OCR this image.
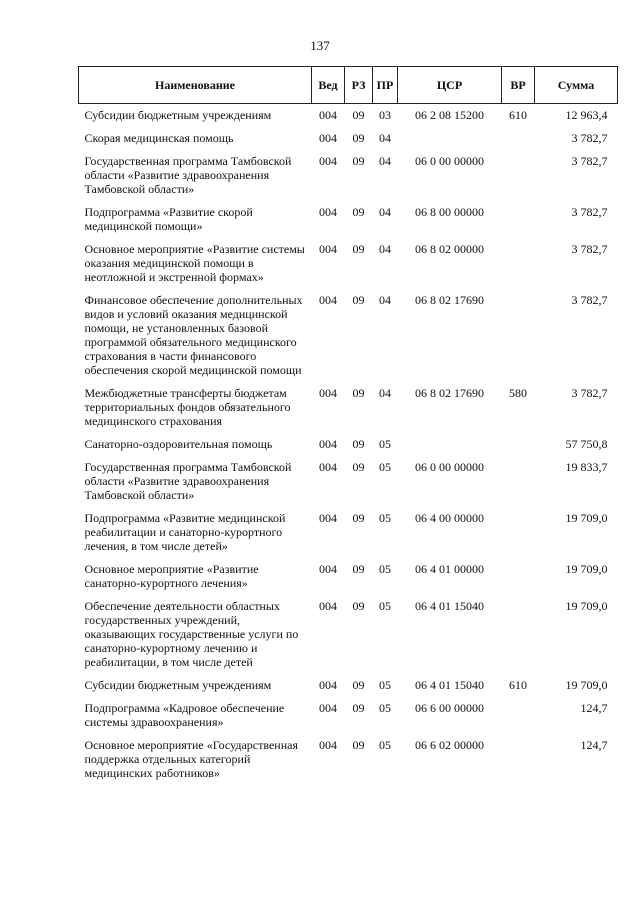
137
Наименование	Вед	РЗ	ПР	ЦСР	ВР	Сумма
Субсидии бюджетным учреждениям	004	09	03	06 2 08 15200	610	12 963,4
Скорая медицинская помощь	004	09	04			3 782,7
Государственная программа Тамбовской области «Развитие здравоохранения Тамбовской области»	004	09	04	06 0 00 00000		3 782,7
Подпрограмма «Развитие скорой медицинской помощи»	004	09	04	06 8 00 00000		3 782,7
Основное мероприятие «Развитие системы оказания медицинской помощи в неотложной и экстренной формах»	004	09	04	06 8 02 00000		3 782,7
Финансовое обеспечение дополнительных видов и условий оказания медицинской помощи, не установленных базовой программой обязательного медицинского страхования в части финансового обеспечения скорой медицинской помощи	004	09	04	06 8 02 17690		3 782,7
Межбюджетные трансферты бюджетам территориальных фондов обязательного медицинского страхования	004	09	04	06 8 02 17690	580	3 782,7
Санаторно-оздоровительная помощь	004	09	05			57 750,8
Государственная программа Тамбовской области «Развитие здравоохранения Тамбовской области»	004	09	05	06 0 00 00000		19 833,7
Подпрограмма «Развитие медицинской реабилитации и санаторно-курортного лечения, в том числе детей»	004	09	05	06 4 00 00000		19 709,0
Основное мероприятие «Развитие санаторно-курортного лечения»	004	09	05	06 4 01 00000		19 709,0
Обеспечение деятельности областных государственных учреждений, оказывающих государственные услуги по санаторно-курортному лечению и реабилитации, в том числе детей	004	09	05	06 4 01 15040		19 709,0
Субсидии бюджетным учреждениям	004	09	05	06 4 01 15040	610	19 709,0
Подпрограмма «Кадровое обеспечение системы здравоохранения»	004	09	05	06 6 00 00000		124,7
Основное мероприятие «Государственная поддержка отдельных категорий медицинских работников»	004	09	05	06 6 02 00000		124,7
